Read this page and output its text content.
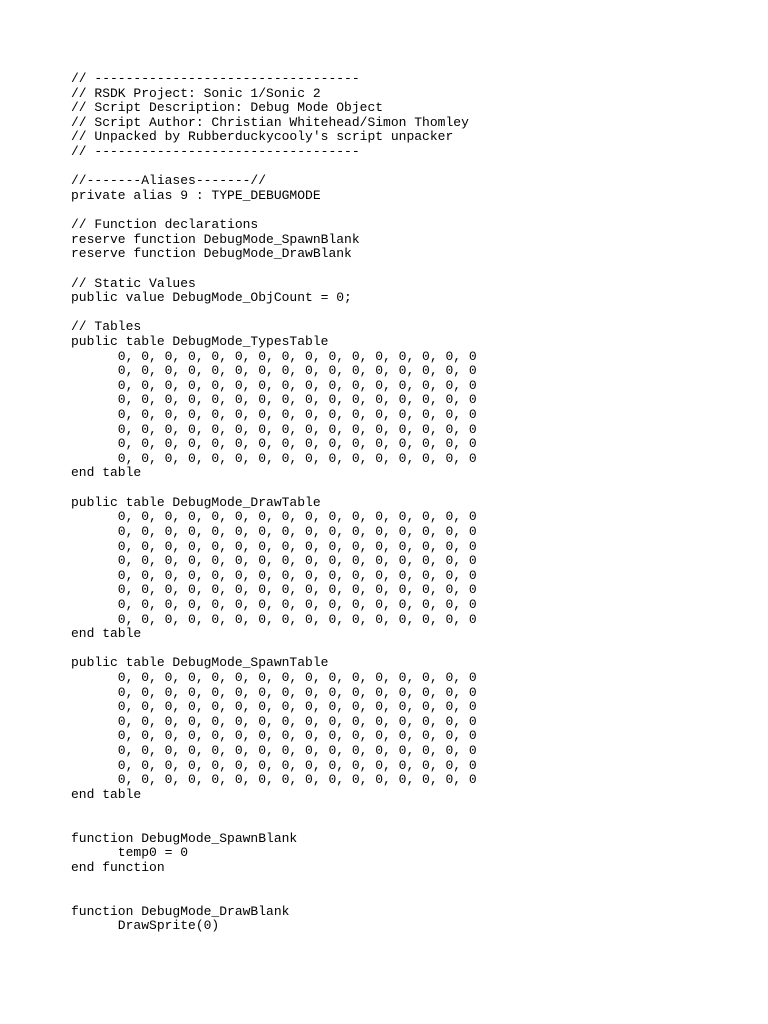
// ----------------------------------
// RSDK Project: Sonic 1/Sonic 2
// Script Description: Debug Mode Object
// Script Author: Christian Whitehead/Simon Thomley
// Unpacked by Rubberduckycooly's script unpacker
// ----------------------------------
//-------Aliases-------//
private alias 9 : TYPE_DEBUGMODE
// Function declarations
reserve function DebugMode_SpawnBlank
reserve function DebugMode_DrawBlank
// Static Values
public value DebugMode_ObjCount = 0;
// Tables
public table DebugMode_TypesTable
0, 0, 0, 0, 0, 0, 0, 0, 0, 0, 0, 0, 0, 0, 0, 0
0, 0, 0, 0, 0, 0, 0, 0, 0, 0, 0, 0, 0, 0, 0, 0
0, 0, 0, 0, 0, 0, 0, 0, 0, 0, 0, 0, 0, 0, 0, 0
0, 0, 0, 0, 0, 0, 0, 0, 0, 0, 0, 0, 0, 0, 0, 0
0, 0, 0, 0, 0, 0, 0, 0, 0, 0, 0, 0, 0, 0, 0, 0
0, 0, 0, 0, 0, 0, 0, 0, 0, 0, 0, 0, 0, 0, 0, 0
0, 0, 0, 0, 0, 0, 0, 0, 0, 0, 0, 0, 0, 0, 0, 0
0, 0, 0, 0, 0, 0, 0, 0, 0, 0, 0, 0, 0, 0, 0, 0
end table
public table DebugMode_DrawTable
0, 0, 0, 0, 0, 0, 0, 0, 0, 0, 0, 0, 0, 0, 0, 0
0, 0, 0, 0, 0, 0, 0, 0, 0, 0, 0, 0, 0, 0, 0, 0
0, 0, 0, 0, 0, 0, 0, 0, 0, 0, 0, 0, 0, 0, 0, 0
0, 0, 0, 0, 0, 0, 0, 0, 0, 0, 0, 0, 0, 0, 0, 0
0, 0, 0, 0, 0, 0, 0, 0, 0, 0, 0, 0, 0, 0, 0, 0
0, 0, 0, 0, 0, 0, 0, 0, 0, 0, 0, 0, 0, 0, 0, 0
0, 0, 0, 0, 0, 0, 0, 0, 0, 0, 0, 0, 0, 0, 0, 0
0, 0, 0, 0, 0, 0, 0, 0, 0, 0, 0, 0, 0, 0, 0, 0
end table
public table DebugMode_SpawnTable
0, 0, 0, 0, 0, 0, 0, 0, 0, 0, 0, 0, 0, 0, 0, 0
0, 0, 0, 0, 0, 0, 0, 0, 0, 0, 0, 0, 0, 0, 0, 0
0, 0, 0, 0, 0, 0, 0, 0, 0, 0, 0, 0, 0, 0, 0, 0
0, 0, 0, 0, 0, 0, 0, 0, 0, 0, 0, 0, 0, 0, 0, 0
0, 0, 0, 0, 0, 0, 0, 0, 0, 0, 0, 0, 0, 0, 0, 0
0, 0, 0, 0, 0, 0, 0, 0, 0, 0, 0, 0, 0, 0, 0, 0
0, 0, 0, 0, 0, 0, 0, 0, 0, 0, 0, 0, 0, 0, 0, 0
0, 0, 0, 0, 0, 0, 0, 0, 0, 0, 0, 0, 0, 0, 0, 0
end table
function DebugMode_SpawnBlank
temp0 = 0
end function
function DebugMode_DrawBlank
DrawSprite(0)
